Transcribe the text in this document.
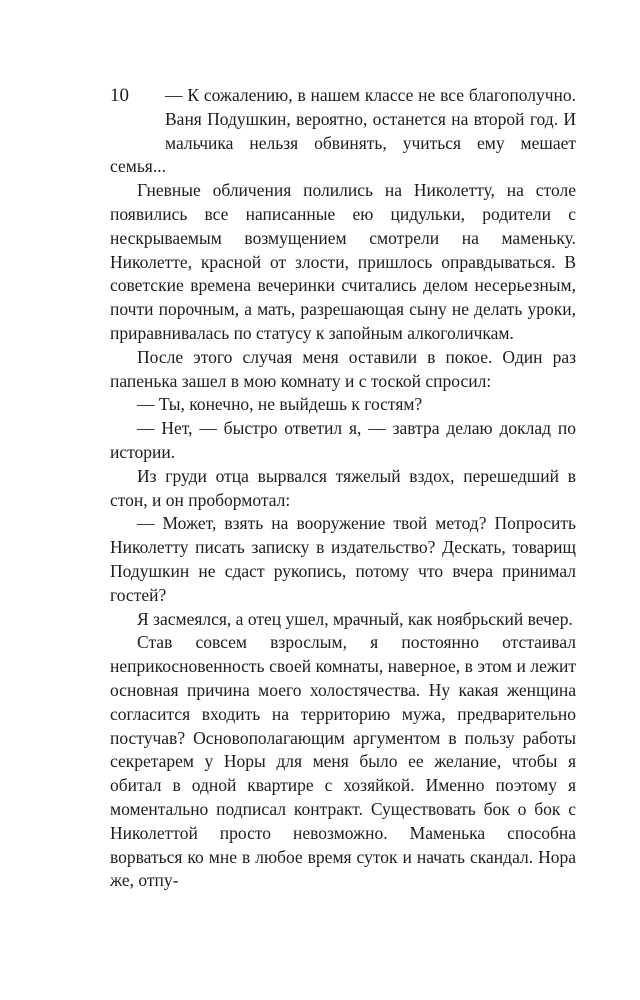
10	— К сожалению, в нашем классе не все благополучно. Ваня Подушкин, вероятно, останется на второй год. И мальчика нельзя обвинять, учиться ему мешает семья...

Гневные обличения полились на Николетту, на столе появились все написанные ею цидульки, родители с нескрываемым возмущением смотрели на маменьку. Николетте, красной от злости, пришлось оправдываться. В советские времена вечеринки считались делом несерьезным, почти порочным, а мать, разрешающая сыну не делать уроки, приравнивалась по статусу к запойным алкоголичкам.

После этого случая меня оставили в покое. Один раз папенька зашел в мою комнату и с тоской спросил:

— Ты, конечно, не выйдешь к гостям?

— Нет, — быстро ответил я, — завтра делаю доклад по истории.

Из груди отца вырвался тяжелый вздох, перешедший в стон, и он пробормотал:

— Может, взять на вооружение твой метод? Попросить Николетту писать записку в издательство? Дескать, товарищ Подушкин не сдаст рукопись, потому что вчера принимал гостей?

Я засмеялся, а отец ушел, мрачный, как ноябрьский вечер.

Став совсем взрослым, я постоянно отстаивал неприкосновенность своей комнаты, наверное, в этом и лежит основная причина моего холостячества. Ну какая женщина согласится входить на территорию мужа, предварительно постучав? Основополагающим аргументом в пользу работы секретарем у Норы для меня было ее желание, чтобы я обитал в одной квартире с хозяйкой. Именно поэтому я моментально подписал контракт. Существовать бок о бок с Николеттой просто невозможно. Маменька способна ворваться ко мне в любое время суток и начать скандал. Нора же, отпу-
